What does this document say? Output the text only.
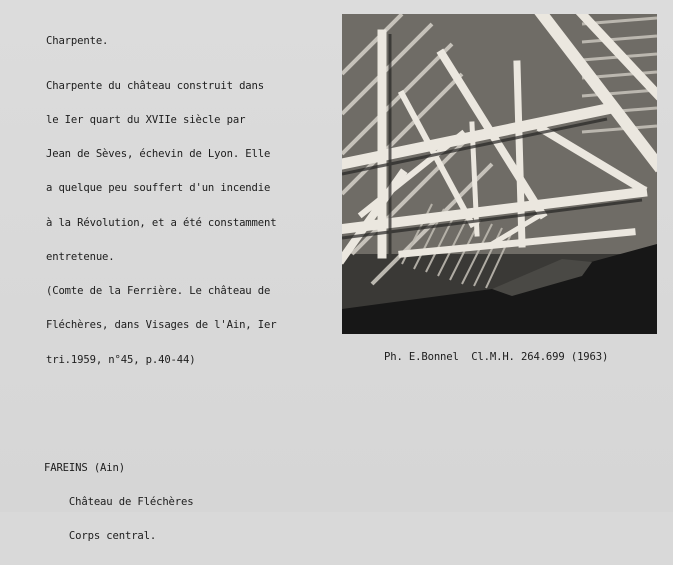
Charpente.

Charpente du château construit dans

le Ier quart du XVIIe siècle par

Jean de Sèves, échevin de Lyon. Elle

a quelque peu souffert d'un incendie

à la Révolution, et a été constamment

entretenue.

(Comte de la Ferrière. Le château de

Fléchères, dans Visages de l'Ain, Ier

tri.1959, n°45, p.40-44)

	Ph. E.Bonnel  Cl.M.H. 264.699 (1963)

FAREINS (Ain)

Château de Fléchères

Corps central.
